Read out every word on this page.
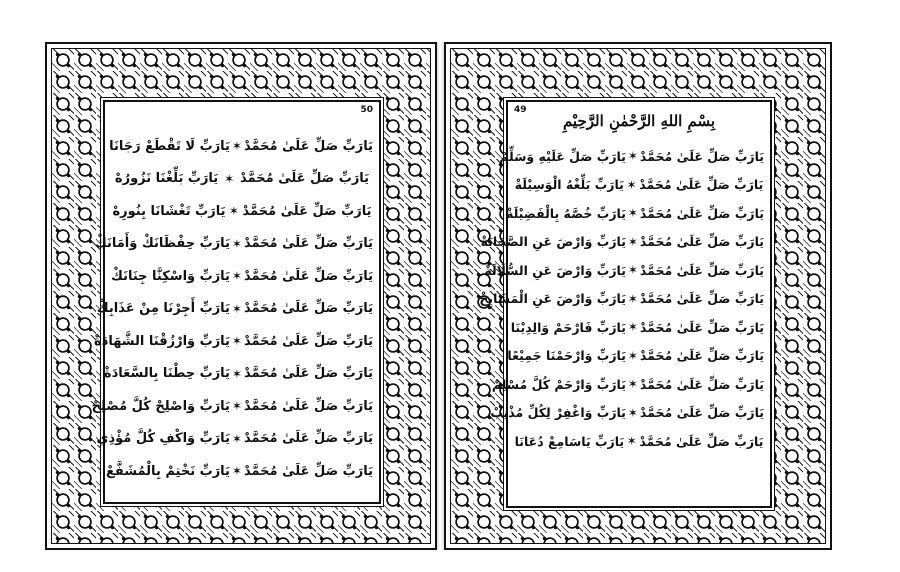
50
يَارَبِّ صَلِّ عَلَىٰ مُحَمَّدْ
✶
يَارَبِّ لَا تَقْطَعْ رَجَانَا
يَارَبِّ صَلِّ عَلَىٰ مُحَمَّدْ
✶
يَارَبِّ بَلِّغْنَا نَزُورُهْ
يَارَبِّ صَلِّ عَلَىٰ مُحَمَّدْ
✶
يَارَبِّ تَغْشَانَا بِنُورِهْ
يَارَبِّ صَلِّ عَلَىٰ مُحَمَّدْ
✶
يَارَبِّ حِفْظَانَكْ وَأَمَانَكْ
يَارَبِّ صَلِّ عَلَىٰ مُحَمَّدْ
✶
يَارَبِّ وَاسْكِنَّا جِنَانَكْ
يَارَبِّ صَلِّ عَلَىٰ مُحَمَّدْ
✶
يَارَبِّ أَجِرْنَا مِنْ عَذَابِكْ
يَارَبِّ صَلِّ عَلَىٰ مُحَمَّدْ
✶
يَارَبِّ وَارْزُقْنَا الشَّهَادَةْ
يَارَبِّ صَلِّ عَلَىٰ مُحَمَّدْ
✶
يَارَبِّ حِطْنَا بِالسَّعَادَةْ
يَارَبِّ صَلِّ عَلَىٰ مُحَمَّدْ
✶
يَارَبِّ وَاصْلِحْ كُلَّ مُصْلِحْ
يَارَبِّ صَلِّ عَلَىٰ مُحَمَّدْ
✶
يَارَبِّ وَاكْفِ كُلَّ مُؤْذِي
يَارَبِّ صَلِّ عَلَىٰ مُحَمَّدْ
✶
يَارَبِّ نَخْتِمْ بِالْمُشَفَّعْ
49
بِسْمِ اللهِ الرَّحْمٰنِ الرَّحِيْمِ
يَارَبِّ صَلِّ عَلَىٰ مُحَمَّدْ
✶
يَارَبِّ صَلِّ عَلَيْهِ وَسَلِّمْ
يَارَبِّ صَلِّ عَلَىٰ مُحَمَّدْ
✶
يَارَبِّ بَلِّغْهُ الْوَسِيْلَةْ
يَارَبِّ صَلِّ عَلَىٰ مُحَمَّدْ
✶
يَارَبِّ خُصَّهُ بِالْفَضِيْلَةْ
يَارَبِّ صَلِّ عَلَىٰ مُحَمَّدْ
✶
يَارَبِّ وَارْضَ عَنِ الصَّحَابَةْ
يَارَبِّ صَلِّ عَلَىٰ مُحَمَّدْ
✶
يَارَبِّ وَارْضَ عَنِ السُّلَالَةْ
يَارَبِّ صَلِّ عَلَىٰ مُحَمَّدْ
✶
يَارَبِّ وَارْضَ عَنِ الْمَشَايِخْ
يَارَبِّ صَلِّ عَلَىٰ مُحَمَّدْ
✶
يَارَبِّ فَارْحَمْ وَالِدِيْنَا
يَارَبِّ صَلِّ عَلَىٰ مُحَمَّدْ
✶
يَارَبِّ وَارْحَمْنَا جَمِيْعًا
يَارَبِّ صَلِّ عَلَىٰ مُحَمَّدْ
✶
يَارَبِّ وَارْحَمْ كُلَّ مُسْلِمْ
يَارَبِّ صَلِّ عَلَىٰ مُحَمَّدْ
✶
يَارَبِّ وَاغْفِرْ لِكُلِّ مُذْنِبْ
يَارَبِّ صَلِّ عَلَىٰ مُحَمَّدْ
✶
يَارَبِّ يَاسَامِعْ دُعَانَا
